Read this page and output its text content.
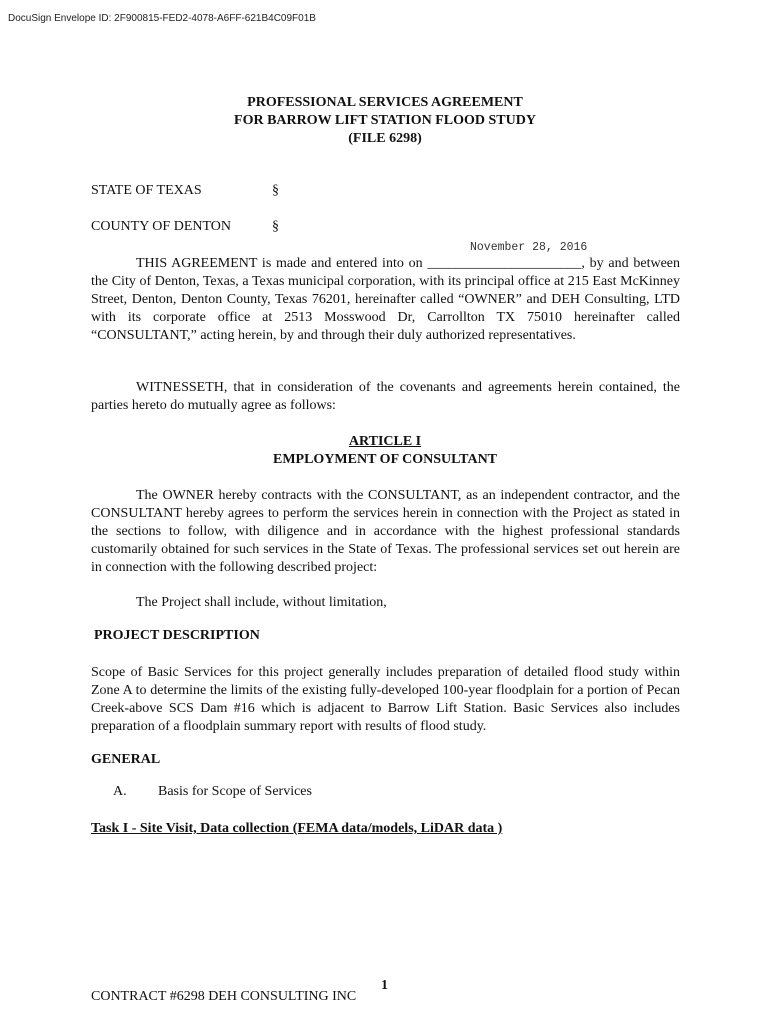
DocuSign Envelope ID: 2F900815-FED2-4078-A6FF-621B4C09F01B
PROFESSIONAL SERVICES AGREEMENT
FOR BARROW LIFT STATION FLOOD STUDY
(FILE 6298)
STATE OF TEXAS	§
COUNTY OF DENTON	§
November 28, 2016
THIS AGREEMENT is made and entered into on ______________________, by and between the City of Denton, Texas, a Texas municipal corporation, with its principal office at 215 East McKinney Street, Denton, Denton County, Texas 76201, hereinafter called “OWNER” and DEH Consulting, LTD with its corporate office at 2513 Mosswood Dr, Carrollton TX 75010 hereinafter called “CONSULTANT,” acting herein, by and through their duly authorized representatives.
WITNESSETH, that in consideration of the covenants and agreements herein contained, the parties hereto do mutually agree as follows:
ARTICLE I
EMPLOYMENT OF CONSULTANT
The OWNER hereby contracts with the CONSULTANT, as an independent contractor, and the CONSULTANT hereby agrees to perform the services herein in connection with the Project as stated in the sections to follow, with diligence and in accordance with the highest professional standards customarily obtained for such services in the State of Texas. The professional services set out herein are in connection with the following described project:
The Project shall include, without limitation,
PROJECT DESCRIPTION
Scope of Basic Services for this project generally includes preparation of detailed flood study within Zone A to determine the limits of the existing fully-developed 100-year floodplain for a portion of Pecan Creek-above SCS Dam #16 which is adjacent to Barrow Lift Station. Basic Services also includes preparation of a floodplain summary report with results of flood study.
GENERAL
A. Basis for Scope of Services
Task I - Site Visit, Data collection (FEMA data/models, LiDAR data )
CONTRACT #6298 DEH CONSULTING INC
1
